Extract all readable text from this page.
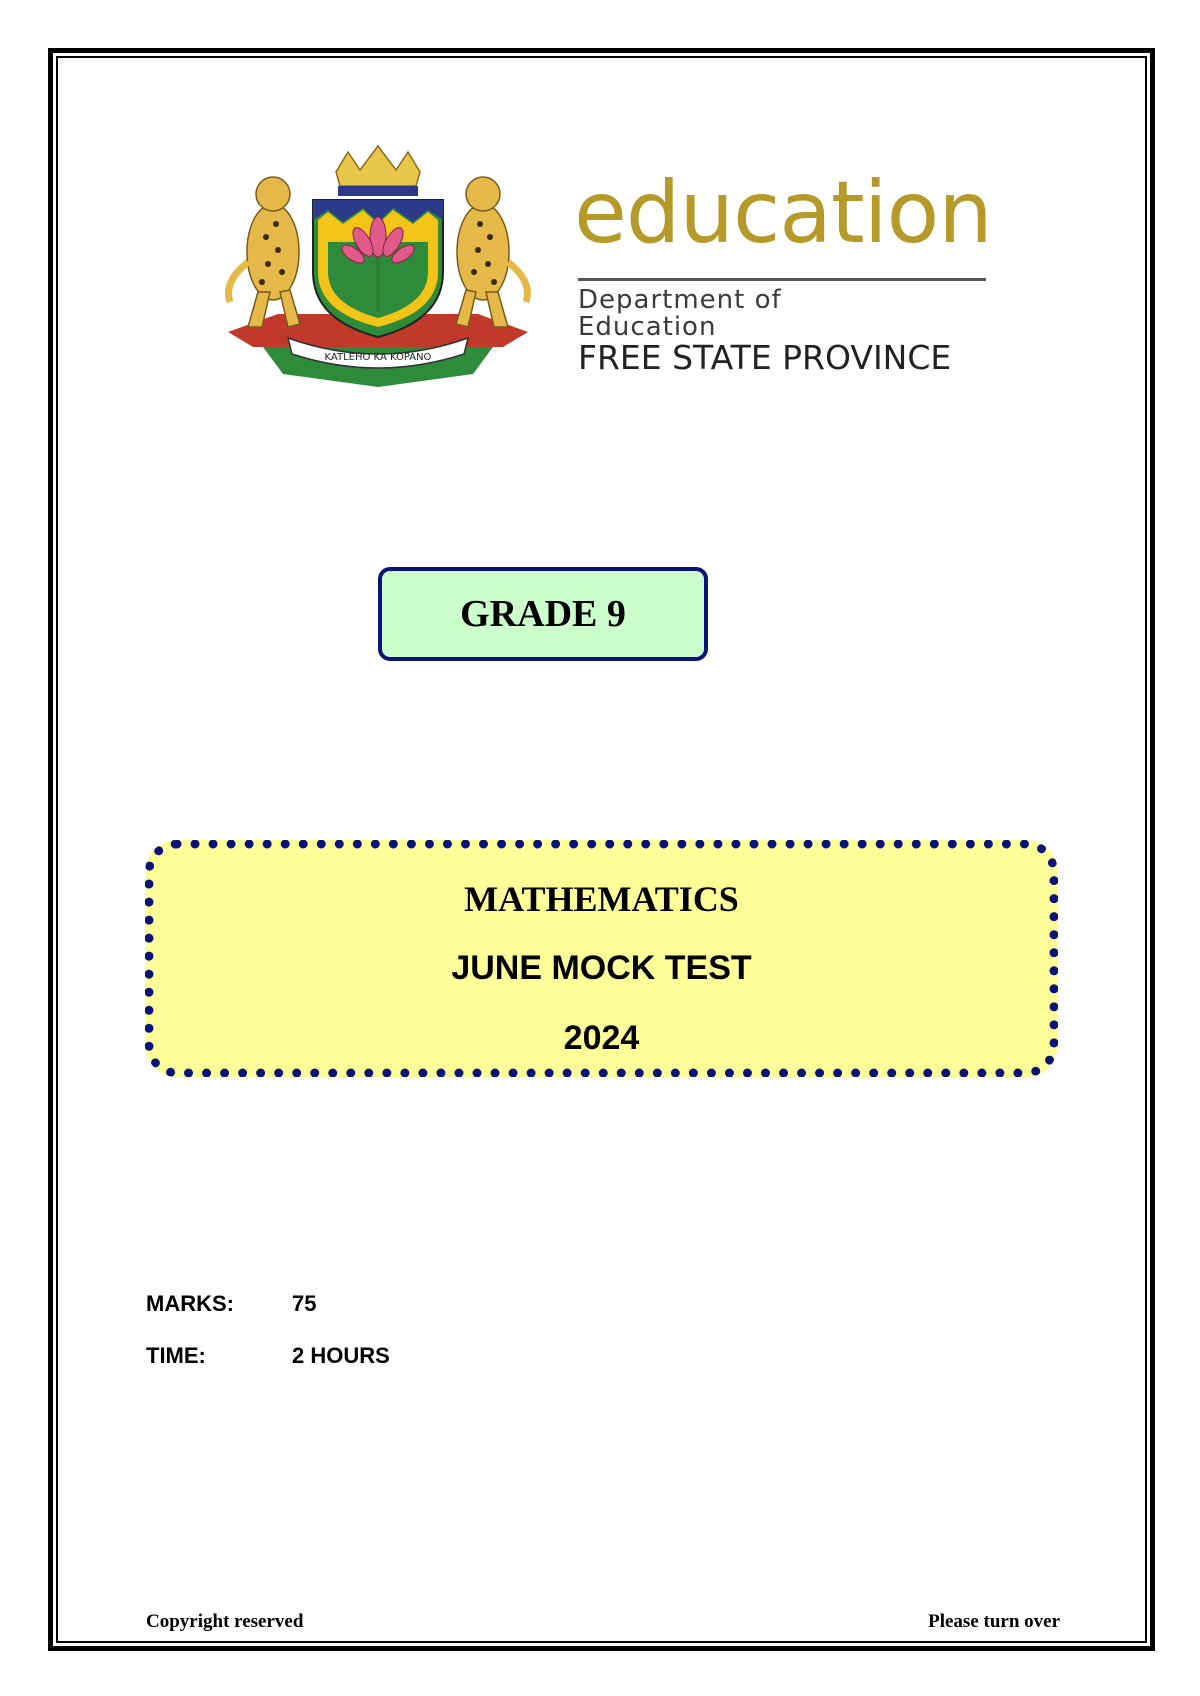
KATLEHO KA KOPANO
education
Department of
Education
FREE STATE PROVINCE
GRADE 9
MATHEMATICS
JUNE MOCK TEST
2024
MARKS:	75
TIME:	2 HOURS
Copyright reserved	Please turn over
